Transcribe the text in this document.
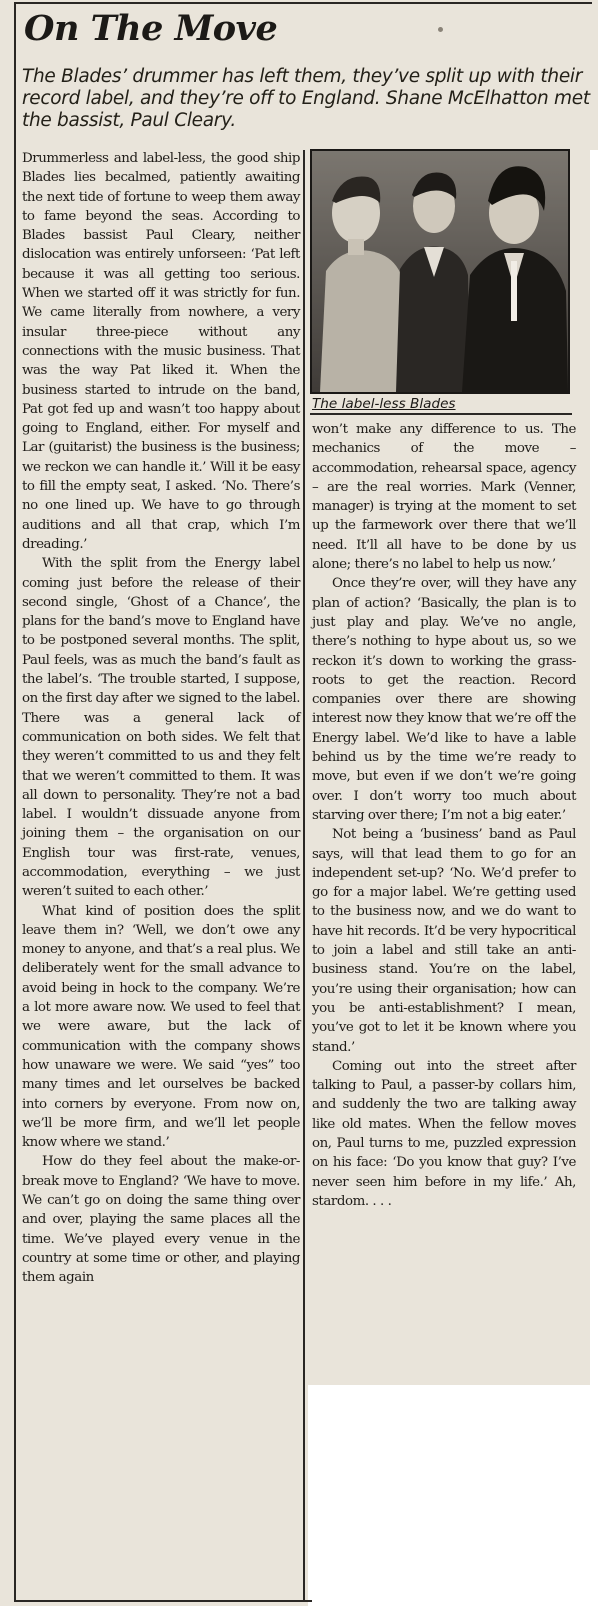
On The Move

The Blades’ drummer has left them, they’ve split up with their record label, and they’re off to England. Shane McElhatton met the bassist, Paul Cleary.

Drummerless and label-less, the good ship Blades lies becalmed, patiently awaiting the next tide of fortune to weep them away to fame beyond the seas. According to Blades bassist Paul Cleary, neither dislocation was entirely unforseen: ‘Pat left because it was all getting too serious. When we started off it was strictly for fun. We came literally from nowhere, a very insular three-piece without any connections with the music business. That was the way Pat liked it. When the business started to intrude on the band, Pat got fed up and wasn’t too happy about going to England, either. For myself and Lar (guitarist) the business is the business; we reckon we can handle it.’ Will it be easy to fill the empty seat, I asked. ‘No. There’s no one lined up. We have to go through auditions and all that crap, which I’m dreading.’

With the split from the Energy label coming just before the release of their second single, ‘Ghost of a Chance’, the plans for the band’s move to England have to be postponed several months. The split, Paul feels, was as much the band’s fault as the label’s. ‘The trouble started, I suppose, on the first day after we signed to the label. There was a general lack of communication on both sides. We felt that they weren’t committed to us and they felt that we weren’t committed to them. It was all down to personality. They’re not a bad label. I wouldn’t dissuade anyone from joining them – the organisation on our English tour was first-rate, venues, accommodation, everything – we just weren’t suited to each other.’

What kind of position does the split leave them in? ‘Well, we don’t owe any money to anyone, and that’s a real plus. We deliberately went for the small advance to avoid being in hock to the company. We’re a lot more aware now. We used to feel that we were aware, but the lack of communication with the company shows how unaware we were. We said “yes” too many times and let ourselves be backed into corners by everyone. From now on, we’ll be more firm, and we’ll let people know where we stand.’

How do they feel about the make-or-break move to England? ‘We have to move. We can’t go on doing the same thing over and over, playing the same places all the time. We’ve played every venue in the country at some time or other, and playing them again

The label-less Blades

won’t make any difference to us. The mechanics of the move – accommodation, rehearsal space, agency – are the real worries. Mark (Venner, manager) is trying at the moment to set up the farmework over there that we’ll need. It’ll all have to be done by us alone; there’s no label to help us now.’

Once they’re over, will they have any plan of action? ‘Basically, the plan is to just play and play. We’ve no angle, there’s nothing to hype about us, so we reckon it’s down to working the grass-roots to get the reaction. Record companies over there are showing interest now they know that we’re off the Energy label. We’d like to have a lable behind us by the time we’re ready to move, but even if we don’t we’re going over. I don’t worry too much about starving over there; I’m not a big eater.’

Not being a ‘business’ band as Paul says, will that lead them to go for an independent set-up? ‘No. We’d prefer to go for a major label. We’re getting used to the business now, and we do want to have hit records. It’d be very hypocritical to join a label and still take an anti-business stand. You’re on the label, you’re using their organisation; how can you be anti-establishment? I mean, you’ve got to let it be known where you stand.’

Coming out into the street after talking to Paul, a passer-by collars him, and suddenly the two are talking away like old mates. When the fellow moves on, Paul turns to me, puzzled expression on his face: ‘Do you know that guy? I’ve never seen him before in my life.’ Ah, stardom. . . .
